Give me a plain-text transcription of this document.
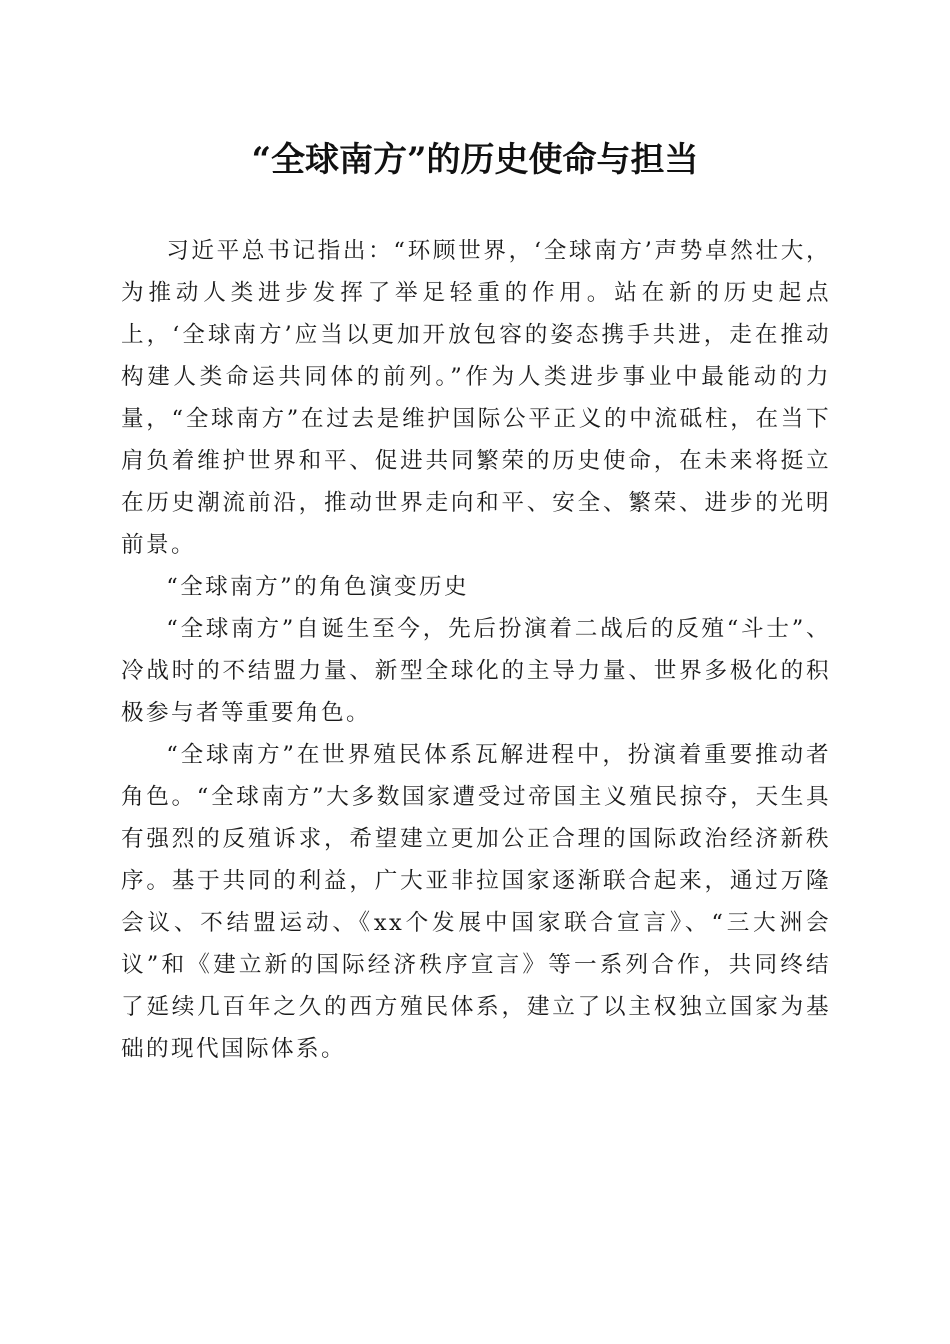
“全球南方”的历史使命与担当

习近平总书记指出：“环顾世界，‘全球南方’声势卓然壮大，为推动人类进步发挥了举足轻重的作用。站在新的历史起点上，‘全球南方’应当以更加开放包容的姿态携手共进，走在推动构建人类命运共同体的前列。”作为人类进步事业中最能动的力量，“全球南方”在过去是维护国际公平正义的中流砥柱，在当下肩负着维护世界和平、促进共同繁荣的历史使命，在未来将挺立在历史潮流前沿，推动世界走向和平、安全、繁荣、进步的光明前景。

“全球南方”的角色演变历史

“全球南方”自诞生至今，先后扮演着二战后的反殖“斗士”、冷战时的不结盟力量、新型全球化的主导力量、世界多极化的积极参与者等重要角色。

“全球南方”在世界殖民体系瓦解进程中，扮演着重要推动者角色。“全球南方”大多数国家遭受过帝国主义殖民掠夺，天生具有强烈的反殖诉求，希望建立更加公正合理的国际政治经济新秩序。基于共同的利益，广大亚非拉国家逐渐联合起来，通过万隆会议、不结盟运动、《xx个发展中国家联合宣言》、“三大洲会议”和《建立新的国际经济秩序宣言》等一系列合作，共同终结了延续几百年之久的西方殖民体系，建立了以主权独立国家为基础的现代国际体系。
